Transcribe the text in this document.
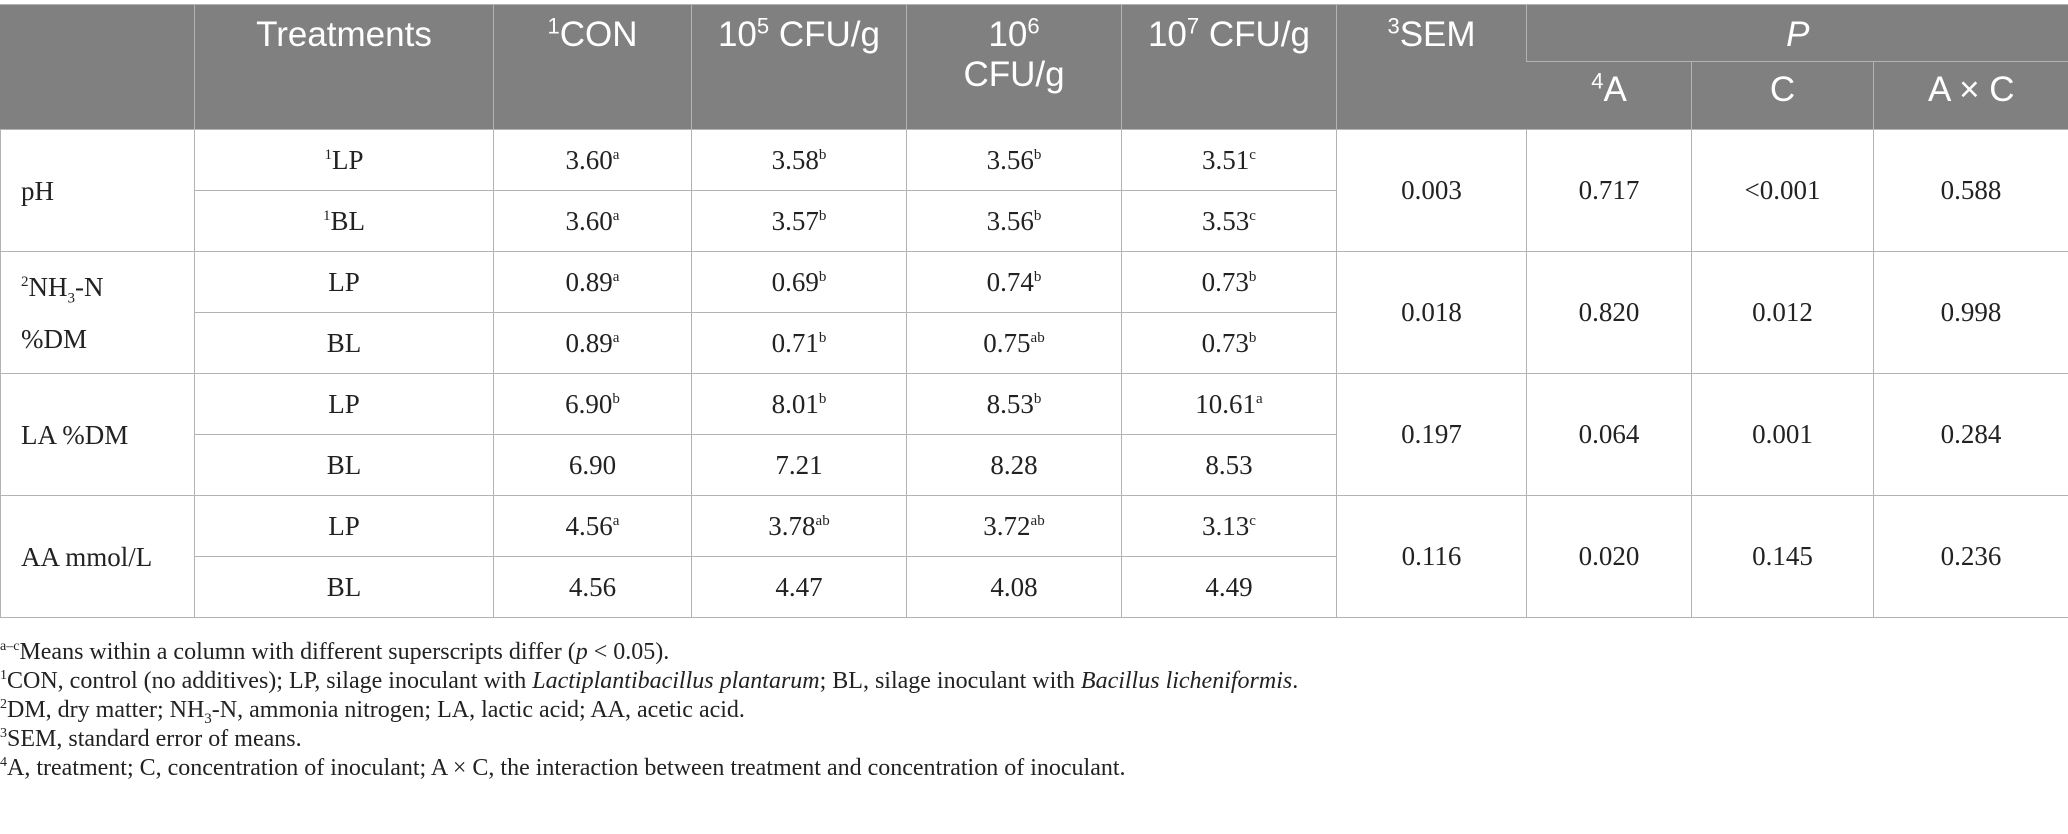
	Treatments	$^1$CON	$10^5$ CFU/g	$10^6$
CFU/g	$10^7$ CFU/g	$^3$SEM	P		
							$^4$A	C	A × C
pH	$^1$LP	3.60$^a$	3.58$^b$	3.56$^b$	3.51$^c$	0.003	0.717	<0.001	0.588
	$^1$BL	3.60$^a$	3.57$^b$	3.56$^b$	3.53$^c$
$^2NH_3-N$
%DM	LP	0.89$^a$	0.69$^b$	0.74$^b$	0.73$^b$	0.018	0.820	0.012	0.998
	BL	0.89$^a$	0.71$^b$	0.75$^{ab}$	0.73$^b$
LA %DM	LP	6.90$^b$	8.01$^b$	8.53$^b$	10.61$^a$	0.197	0.064	0.001	0.284
	BL	6.90	7.21	8.28	8.53				
AA mmol/L	LP	4.56$^a$	3.78$^{ab}$	3.72$^{ab}$	3.13$^c$	0.116	0.020	0.145	0.236
	BL	4.56	4.47	4.08	4.49				
$^{a-c}$Means within a column with different superscripts differ (p < 0.05).
$^1$CON, control (no additives); LP, silage inoculant with Lactiplantibacillus plantarum; BL, silage inoculant with Bacillus licheniformis.
$^2$DM, dry matter; $NH_3-N$, ammonia nitrogen; LA, lactic acid; AA, acetic acid.
$^3$SEM, standard error of means.
$^4$A, treatment; C, concentration of inoculant; A × C, the interaction between treatment and concentration of inoculant.
